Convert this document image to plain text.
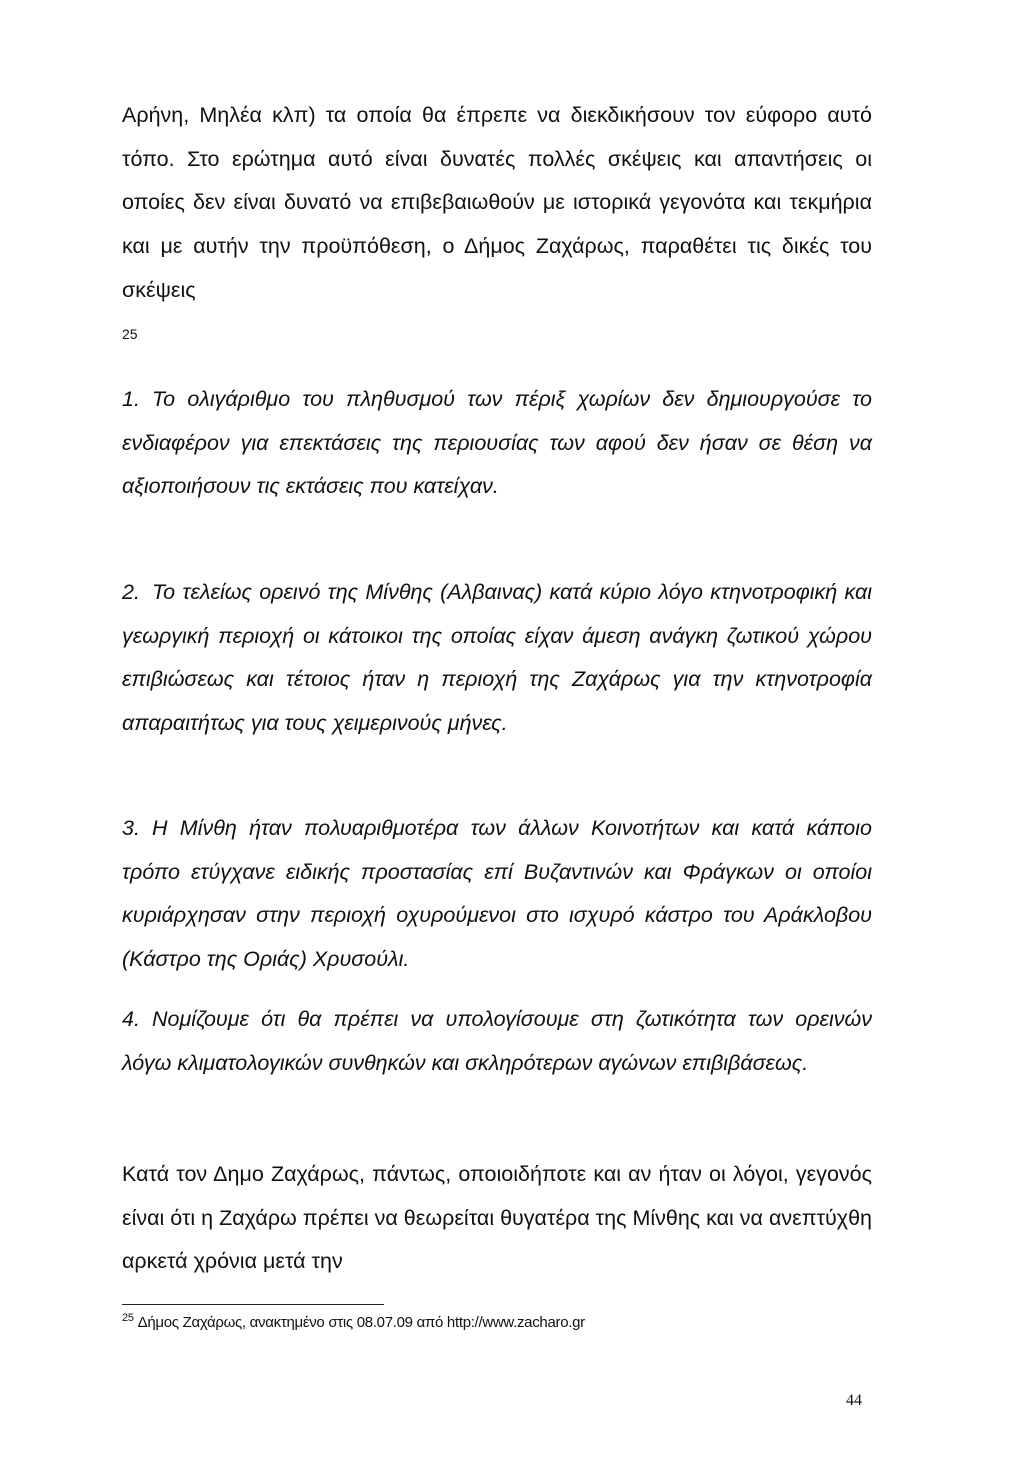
Αρήνη, Μηλέα κλπ) τα οποία θα έπρεπε να διεκδικήσουν τον εύφορο αυτό τόπο. Στο ερώτημα αυτό είναι δυνατές πολλές σκέψεις και απαντήσεις οι οποίες δεν είναι δυνατό να επιβεβαιωθούν με ιστορικά γεγονότα και τεκμήρια και με αυτήν την προϋπόθεση, ο Δήμος Ζαχάρως, παραθέτει τις δικές του σκέψεις

25
1. Το ολιγάριθμο του πληθυσμού των πέριξ χωρίων δεν δημιουργούσε το ενδιαφέρον για επεκτάσεις της περιουσίας των αφού δεν ήσαν σε θέση να αξιοποιήσουν τις εκτάσεις που κατείχαν.
2. Το τελείως ορεινό της Μίνθης (Αλβαινας) κατά κύριο λόγο κτηνοτροφική και γεωργική περιοχή οι κάτοικοι της οποίας είχαν άμεση ανάγκη ζωτικού χώρου επιβιώσεως και τέτοιος ήταν η περιοχή της Ζαχάρως για την κτηνοτροφία απαραιτήτως για τους χειμερινούς μήνες.
3. Η Μίνθη ήταν πολυαριθμοτέρα των άλλων Κοινοτήτων και κατά κάποιο τρόπο ετύγχανε ειδικής προστασίας επί Βυζαντινών και Φράγκων οι οποίοι κυριάρχησαν στην περιοχή οχυρούμενοι στο ισχυρό κάστρο του Αράκλοβου (Κάστρο της Οριάς) Χρυσούλι.
4. Νομίζουμε ότι θα πρέπει να υπολογίσουμε στη ζωτικότητα των ορεινών λόγω κλιματολογικών συνθηκών και σκληρότερων αγώνων επιβιβάσεως.

Κατά τον Δημο Ζαχάρως, πάντως, οποιοιδήποτε και αν ήταν οι λόγοι, γεγονός είναι ότι η Ζαχάρω πρέπει να θεωρείται θυγατέρα της Μίνθης και να ανεπτύχθη αρκετά χρόνια μετά την

$^{25}$ Δήμος Ζαχάρως, ανακτημένο στις 08.07.09 από http://www.zacharo.gr
44
